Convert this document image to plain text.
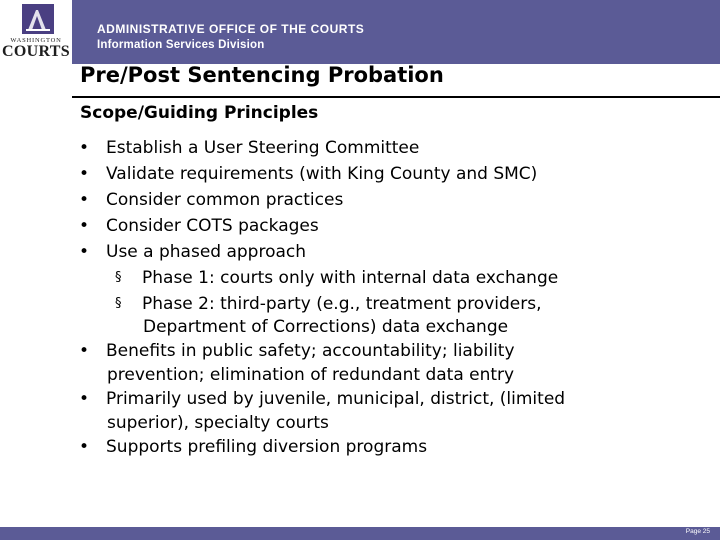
WASHINGTON
COURTS
ADMINISTRATIVE OFFICE OF THE COURTS
Information Services Division
Pre/Post Sentencing Probation
Scope/Guiding Principles
• Establish a User Steering Committee
• Validate requirements (with King County and SMC)
• Consider common practices
• Consider COTS packages
• Use a phased approach
§ Phase 1: courts only with internal data exchange
§ Phase 2: third-party (e.g., treatment providers,
Department of Corrections) data exchange
• Benefits in public safety; accountability; liability
prevention; elimination of redundant data entry
• Primarily used by juvenile, municipal, district, (limited
superior), specialty courts
• Supports prefiling diversion programs
Page 25
